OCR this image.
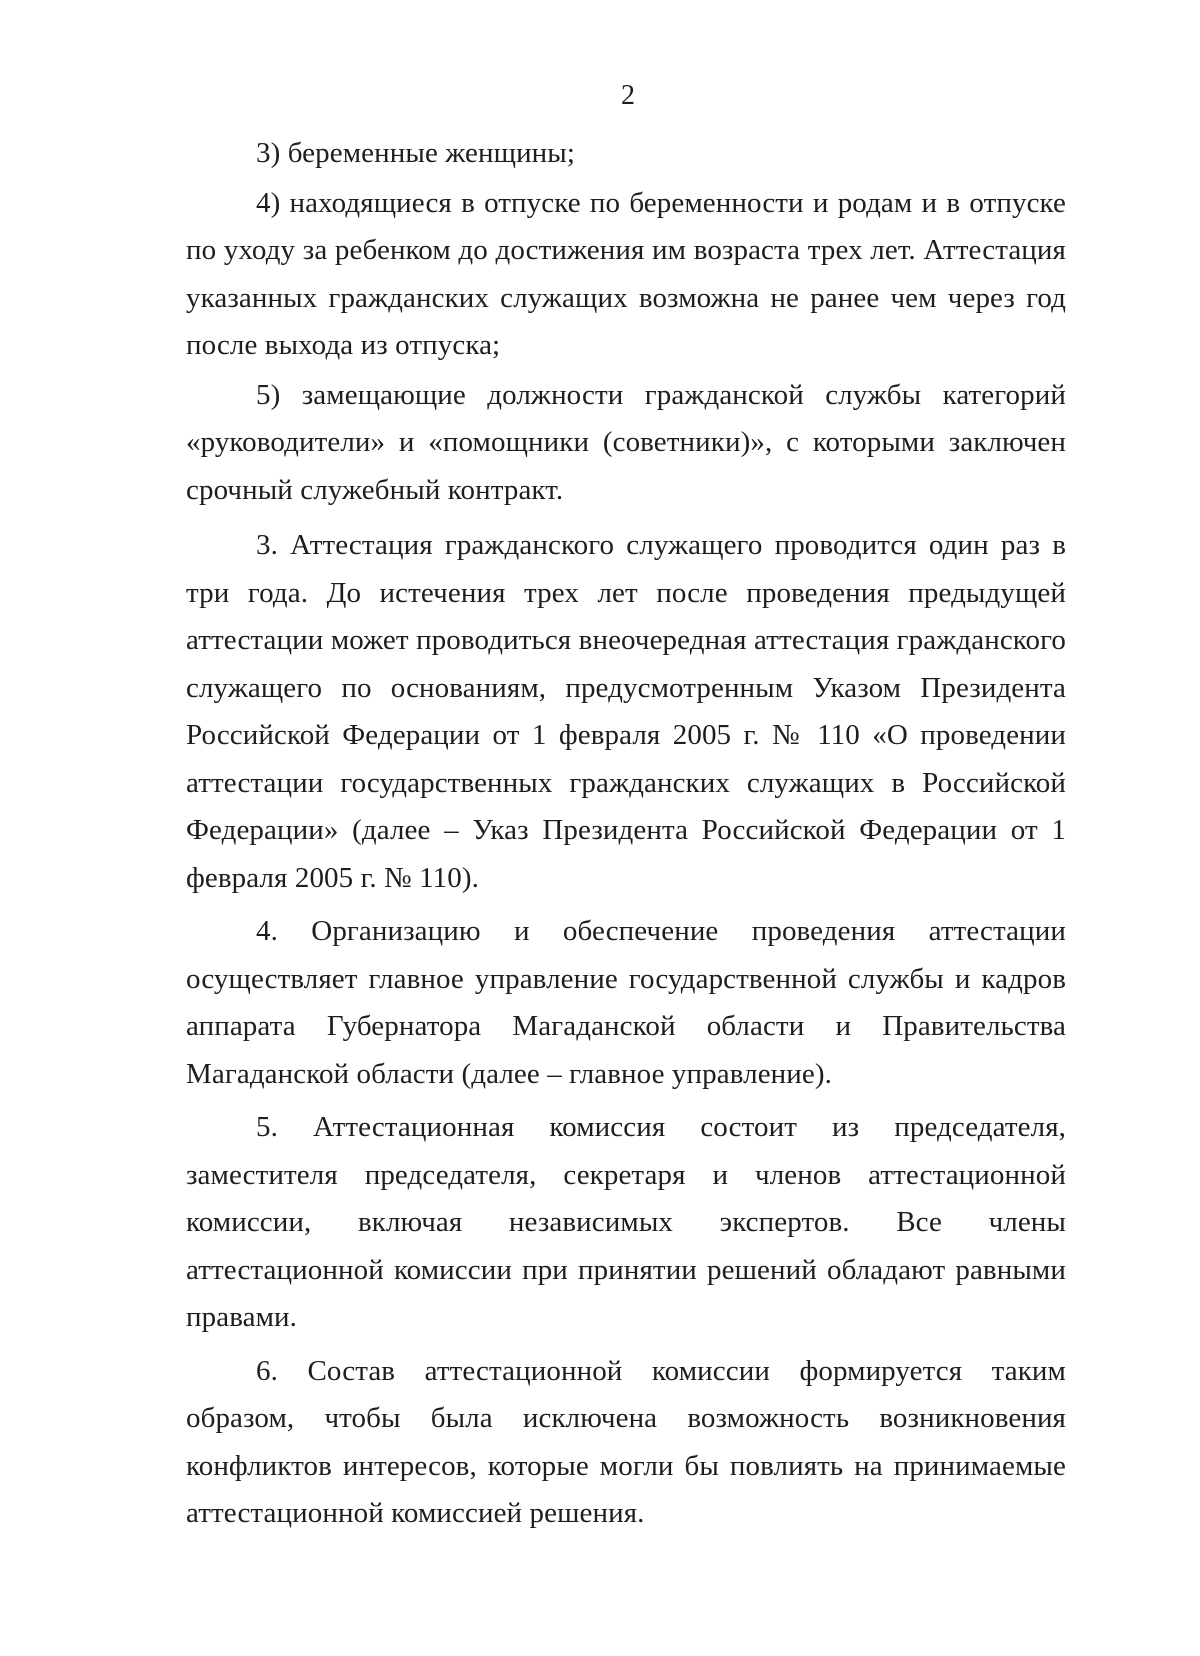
2

3) беременные женщины;

4) находящиеся в отпуске по беременности и родам и в отпуске по уходу за ребенком до достижения им возраста трех лет. Аттестация указанных гражданских служащих возможна не ранее чем через год после выхода из отпуска;

5) замещающие должности гражданской службы категорий «руководители» и «помощники (советники)», с которыми заключен срочный служебный контракт.

3. Аттестация гражданского служащего проводится один раз в три года. До истечения трех лет после проведения предыдущей аттестации может проводиться внеочередная аттестация гражданского служащего по основаниям, предусмотренным Указом Президента Российской Федерации от 1 февраля 2005 г. № 110 «О проведении аттестации государственных гражданских служащих в Российской Федерации» (далее – Указ Президента Российской Федерации от 1 февраля 2005 г. № 110).

4. Организацию и обеспечение проведения аттестации осуществляет главное управление государственной службы и кадров аппарата Губернатора Магаданской области и Правительства Магаданской области (далее – главное управление).

5. Аттестационная комиссия состоит из председателя, заместителя председателя, секретаря и членов аттестационной комиссии, включая независимых экспертов. Все члены аттестационной комиссии при принятии решений обладают равными правами.

6. Состав аттестационной комиссии формируется таким образом, чтобы была исключена возможность возникновения конфликтов интересов, которые могли бы повлиять на принимаемые аттестационной комиссией решения.
